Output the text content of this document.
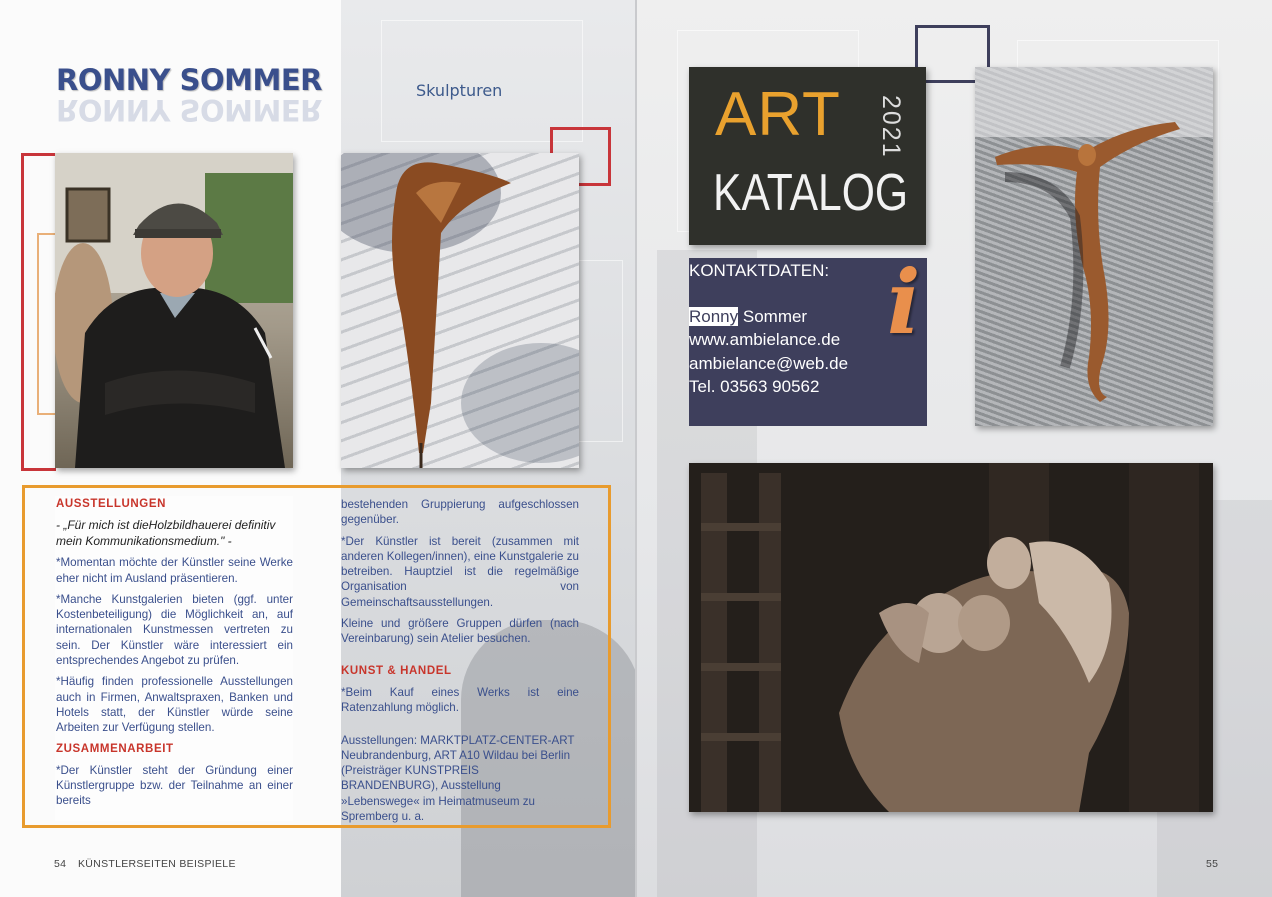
RONNY SOMMER
RONNY SOMMER
Skulpturen
AUSSTELLUNGEN

- „Für mich ist dieHolzbildhauerei definitiv mein Kommunikationsmedium." -

*Momentan möchte der Künstler seine Werke eher nicht im Ausland präsentieren.

*Manche Kunstgalerien bieten (ggf. unter Kostenbeteiligung) die Möglichkeit an, auf internationalen Kunstmessen vertreten zu sein. Der Künstler wäre interessiert ein entsprechendes Angebot zu prüfen.

*Häufig finden professionelle Ausstellungen auch in Firmen, Anwaltspraxen, Banken und Hotels statt, der Künstler würde seine Arbeiten zur Verfügung stellen.

ZUSAMMENARBEIT

*Der Künstler steht der Gründung einer Künstlergruppe bzw. der Teilnahme an einer bereits

bestehenden Gruppierung aufgeschlossen gegenüber.

*Der Künstler ist bereit (zusammen mit anderen Kollegen/innen), eine Kunstgalerie zu betreiben. Hauptziel ist die regelmäßige Organisation von Gemeinschaftsausstellungen.

Kleine und größere Gruppen dürfen (nach Vereinbarung) sein Atelier besuchen.

KUNST & HANDEL

*Beim Kauf eines Werks ist eine Ratenzahlung möglich.

Ausstellungen: MARKTPLATZ-CENTER-ART Neubrandenburg, ART A10 Wildau bei Berlin (Preisträger KUNSTPREIS BRANDENBURG), Ausstellung »Lebenswege« im Heimatmuseum zu Spremberg u. a.

54 KÜNSTLERSEITEN BEISPIELE	55
ART 2021
KATALOG
KONTAKTDATEN:
Ronny Sommer
www.ambielance.de
ambielance@web.de
Tel. 03563 90562
i
